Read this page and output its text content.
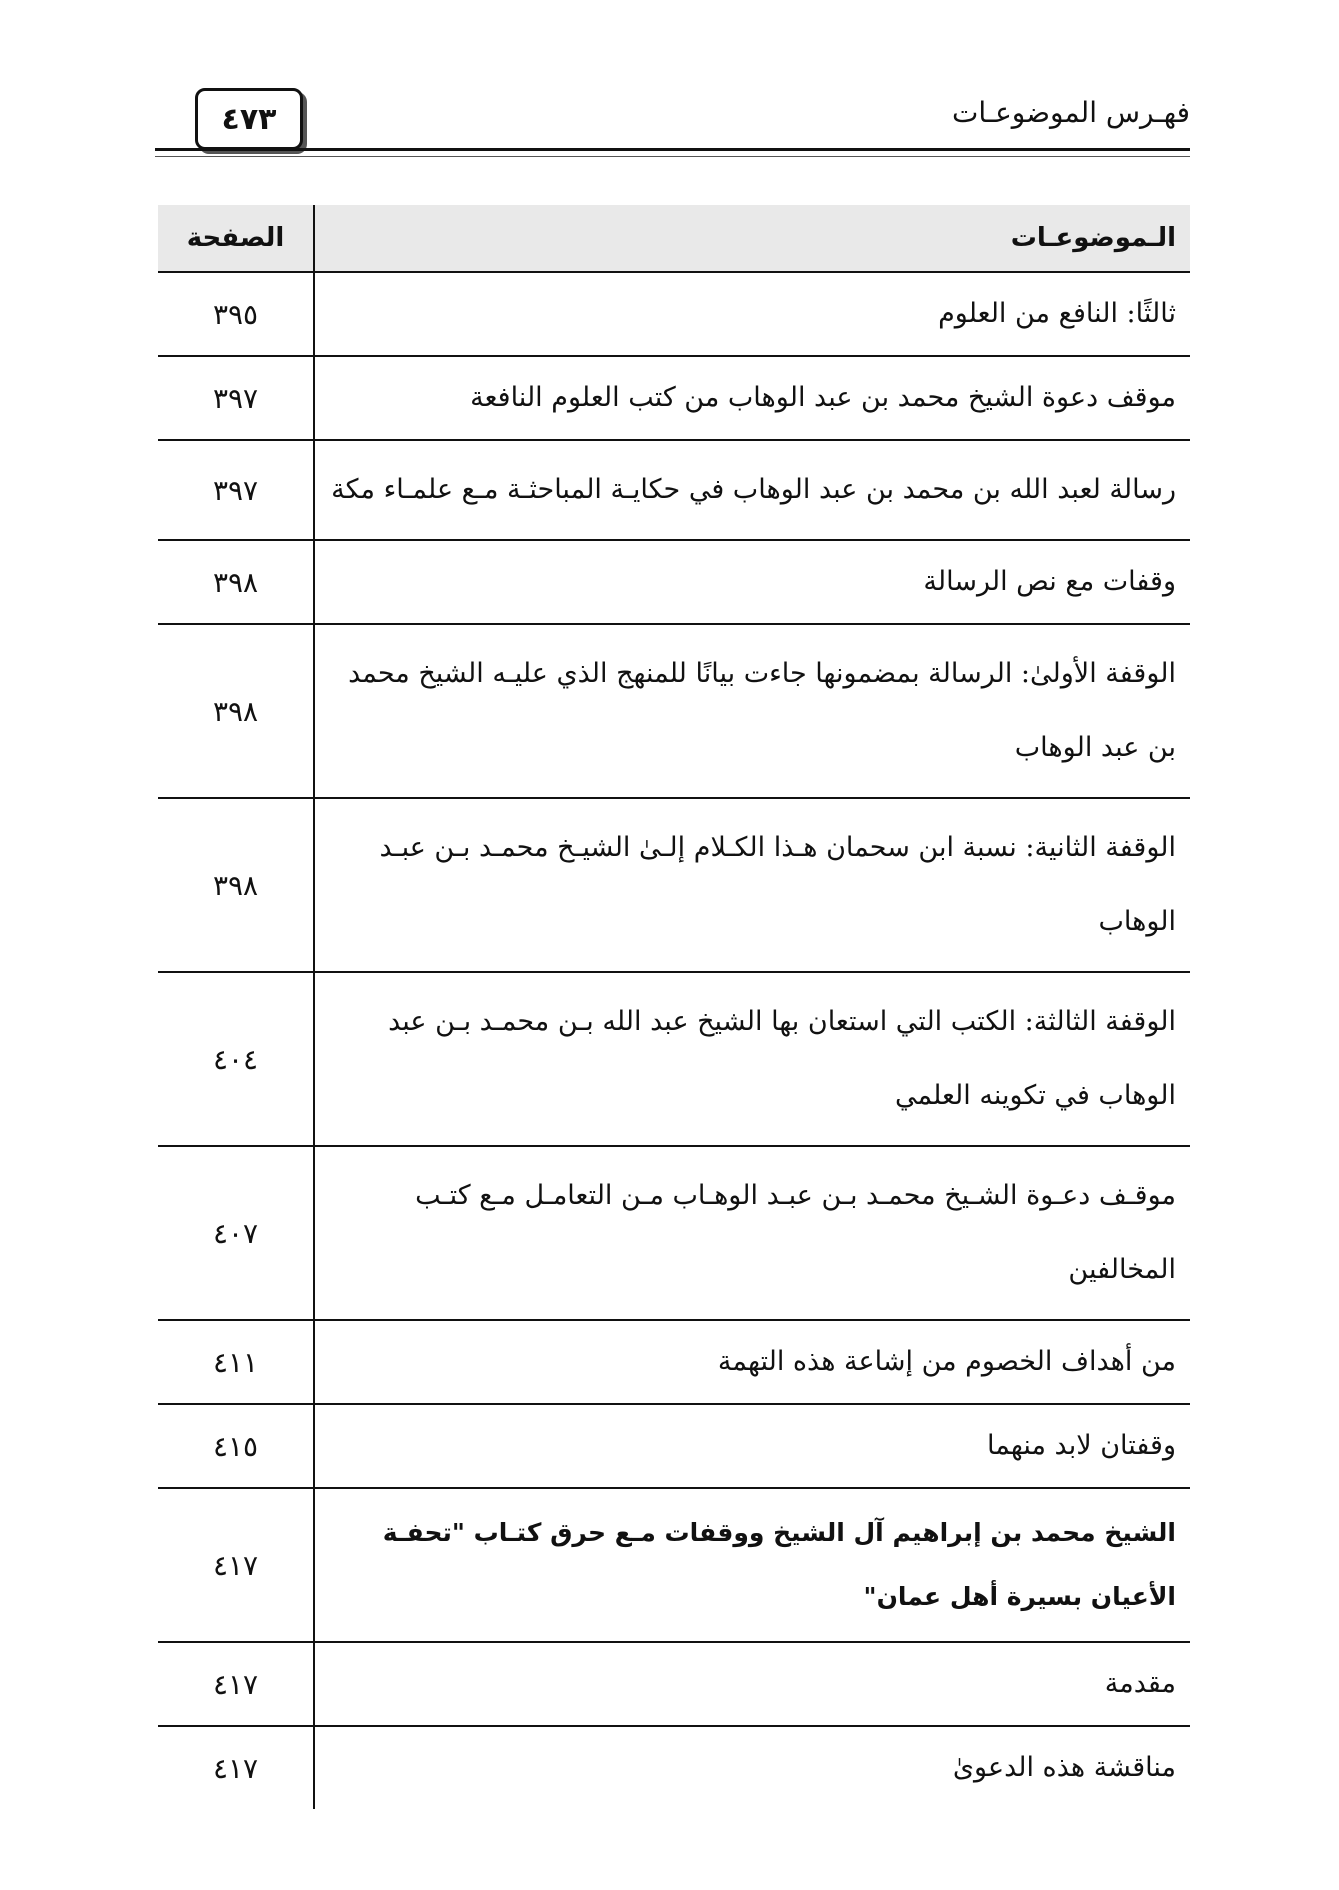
فهـرس الموضوعـات
٤٧٣
الـموضوعـات
الصفحة
ثالثًا: النافع من العلوم
٣٩٥
موقف دعوة الشيخ محمد بن عبد الوهاب من كتب العلوم النافعة
٣٩٧
رسالة لعبد الله بن محمد بن عبد الوهاب في حكايـة المباحثـة مـع علمـاء مكة
٣٩٧
وقفات مع نص الرسالة
٣٩٨
الوقفة الأولىٰ: الرسالة بمضمونها جاءت بيانًا للمنهج الذي عليـه الشيخ محمد بن عبد الوهاب
٣٩٨
الوقفة الثانية: نسبة ابن سحمان هـذا الكـلام إلـىٰ الشيـخ محمـد بـن عبـد الوهاب
٣٩٨
الوقفة الثالثة: الكتب التي استعان بها الشيخ عبد الله بـن محمـد بـن عبد الوهاب في تكوينه العلمي
٤٠٤
موقـف دعـوة الشـيخ محمـد بـن عبـد الوهـاب مـن التعامـل مـع كتـب المخالفين
٤٠٧
من أهداف الخصوم من إشاعة هذه التهمة
٤١١
وقفتان لابد منهما
٤١٥
الشيخ محمد بن إبراهيم آل الشيخ ووقفات مـع حرق كتـاب "تحفـة الأعيان بسيرة أهل عمان"
٤١٧
مقدمة
٤١٧
مناقشة هذه الدعوىٰ
٤١٧
